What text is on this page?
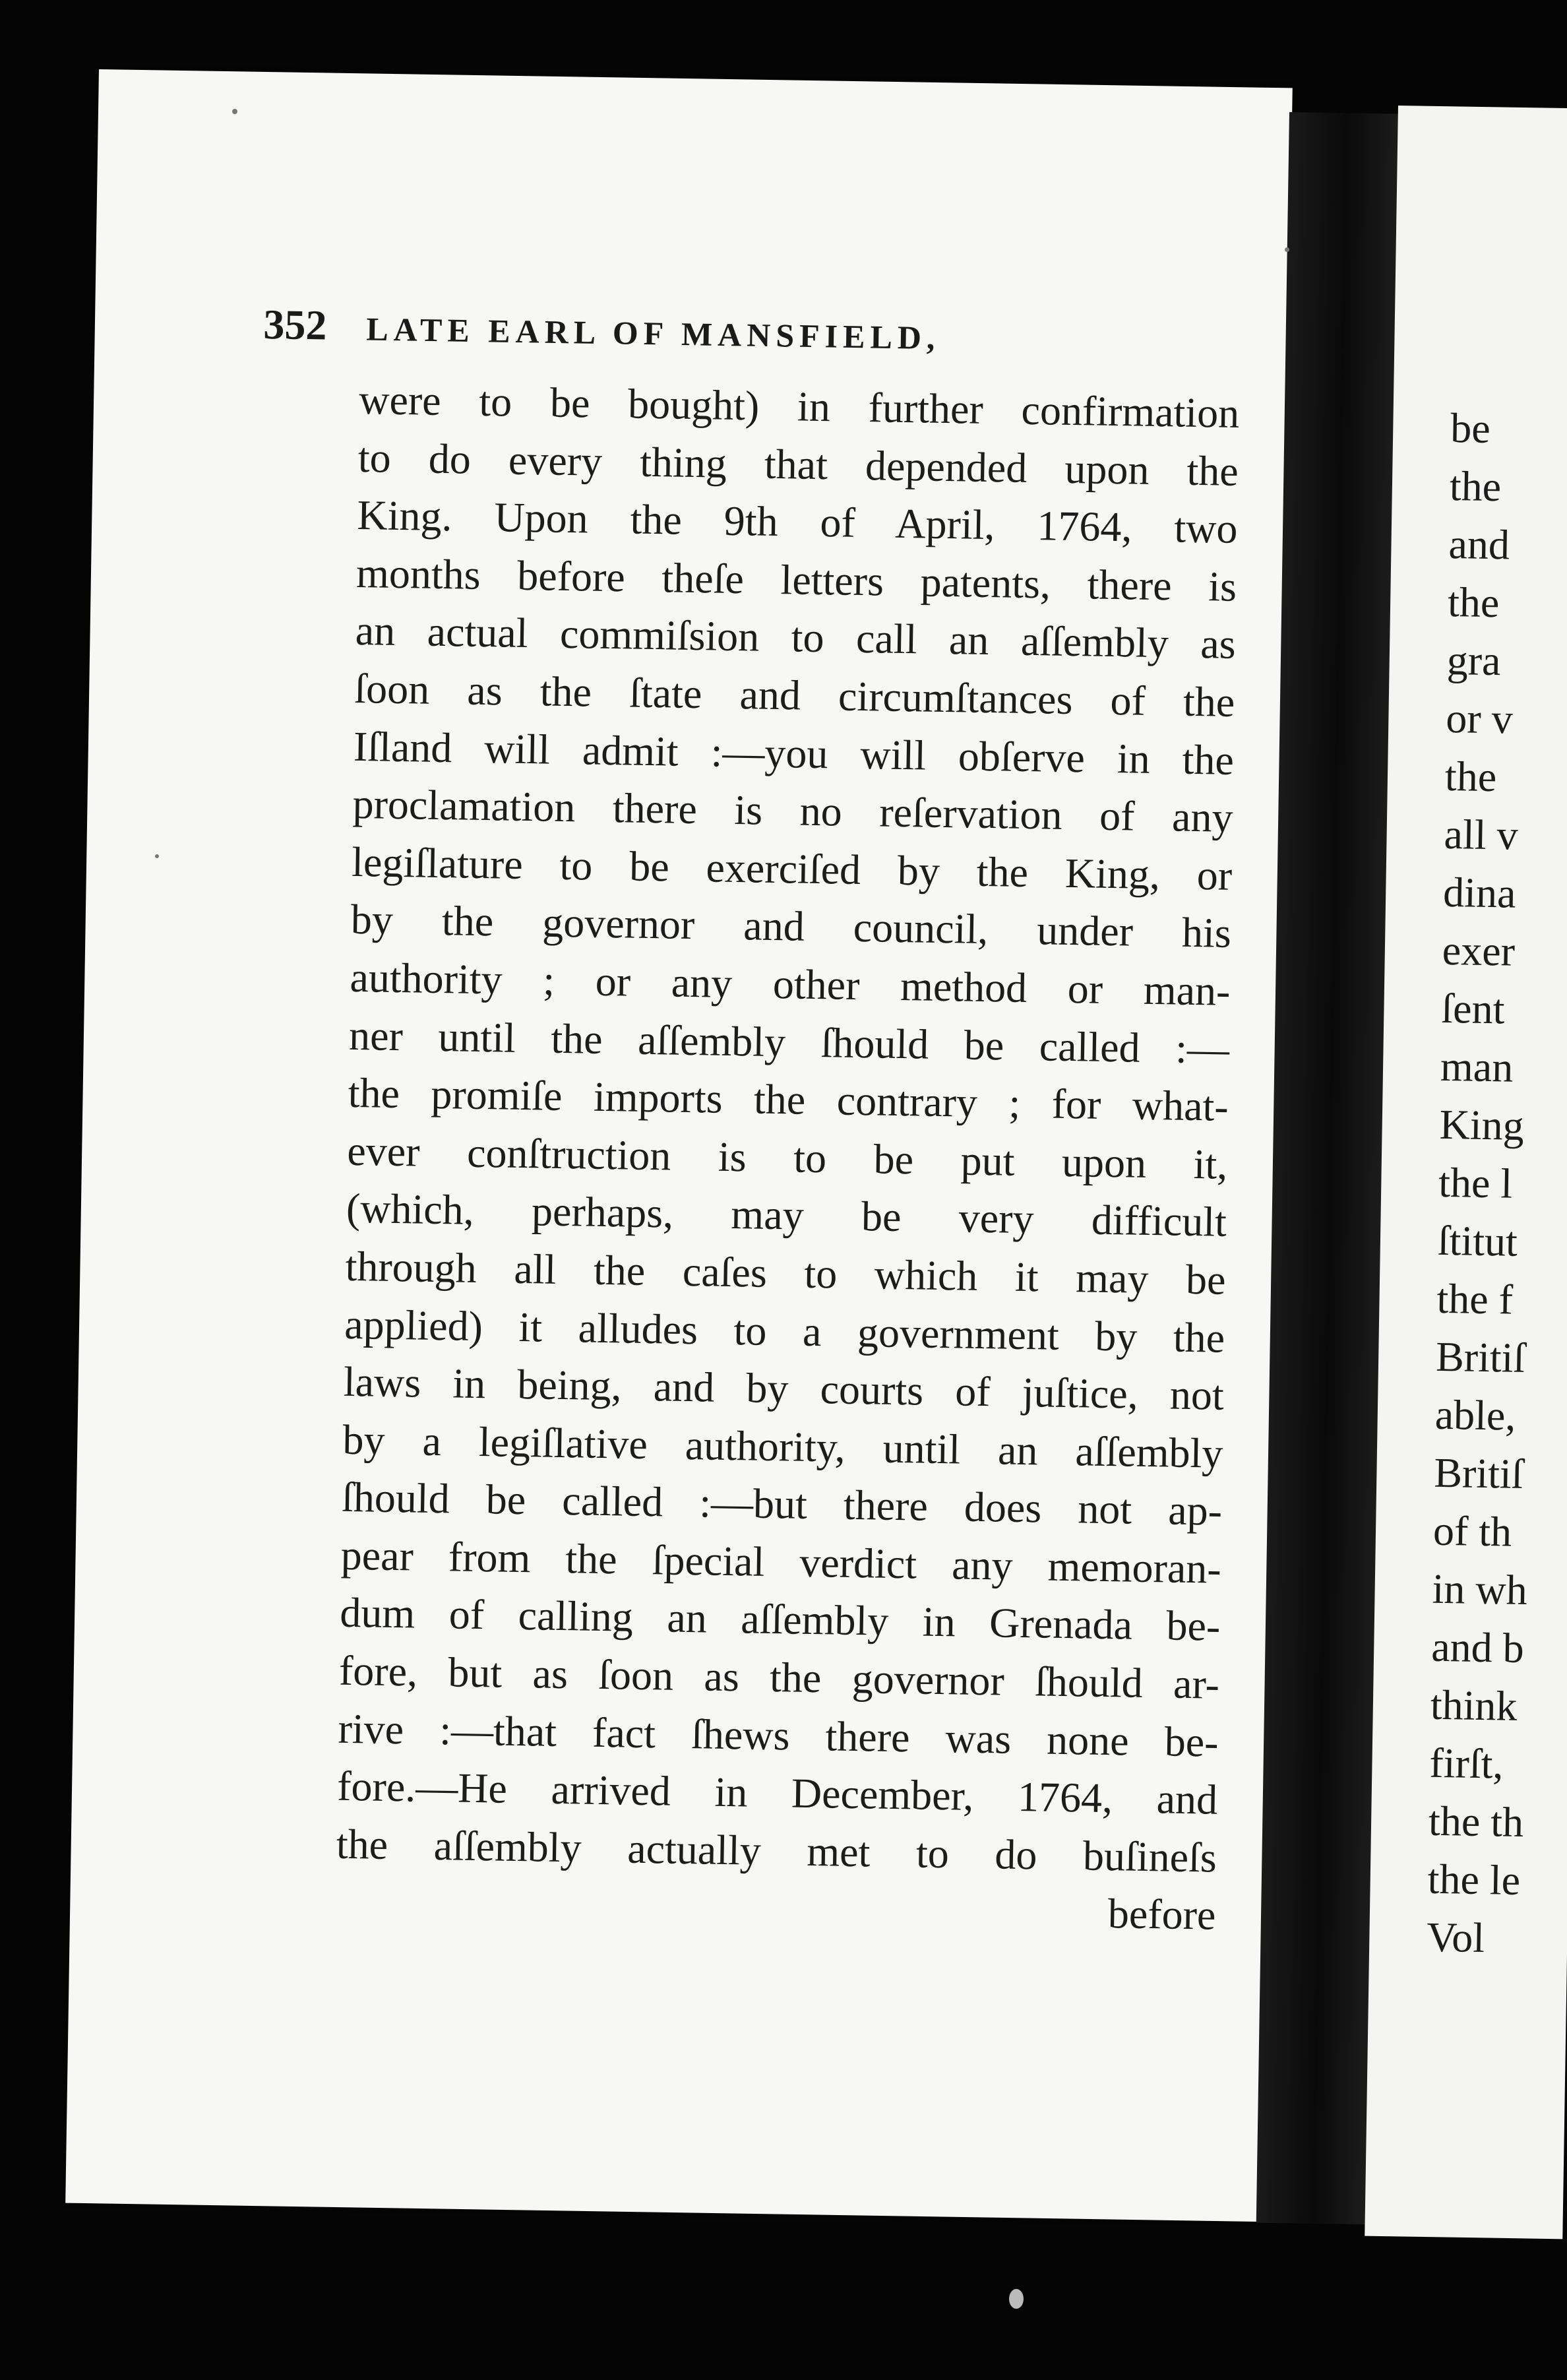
352 LATE EARL OF MANSFIELD,
were to be bought) in further confirmation
to do every thing that depended upon the
King. Upon the 9th of April, 1764, two
months before theſe letters patents, there is
an actual commiſsion to call an aſſembly as
ſoon as the ſtate and circumſtances of the
Iſland will admit :—you will obſerve in the
proclamation there is no reſervation of any
legiſlature to be exerciſed by the King, or
by the governor and council, under his
authority ; or any other method or man-
ner until the aſſembly ſhould be called :—
the promiſe imports the contrary ; for what-
ever conſtruction is to be put upon it,
(which, perhaps, may be very difficult
through all the caſes to which it may be
applied) it alludes to a government by the
laws in being, and by courts of juſtice, not
by a legiſlative authority, until an aſſembly
ſhould be called :—but there does not ap-
pear from the ſpecial verdict any memoran-
dum of calling an aſſembly in Grenada be-
fore, but as ſoon as the governor ſhould ar-
rive :—that fact ſhews there was none be-
fore.—He arrived in December, 1764, and
the aſſembly actually met to do buſineſs
before
be
the
and
the
gra
or v
the
all v
dina
exer
ſent
man
King
the l
ſtitut
the f
Britiſ
able,
Britiſ
of th
in wh
and b
think
firſt,
the th
the le
Vol
